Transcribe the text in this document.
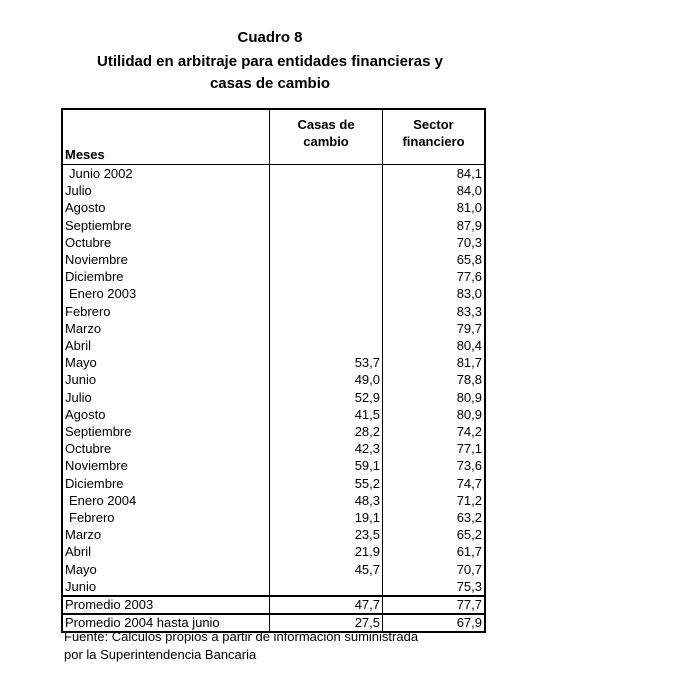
Cuadro 8
Utilidad en arbitraje para entidades financieras y
casas de cambio
Meses	Casas de cambio	Sector financiero

Junio 2002		84,1
Julio		84,0
Agosto		81,0
Septiembre		87,9
Octubre		70,3
Noviembre		65,8
Diciembre		77,6
Enero 2003		83,0
Febrero		83,3
Marzo		79,7
Abril		80,4
Mayo	53,7	81,7
Junio	49,0	78,8
Julio	52,9	80,9
Agosto	41,5	80,9
Septiembre	28,2	74,2
Octubre	42,3	77,1
Noviembre	59,1	73,6
Diciembre	55,2	74,7
Enero 2004	48,3	71,2
Febrero	19,1	63,2
Marzo	23,5	65,2
Abril	21,9	61,7
Mayo	45,7	70,7
Junio		75,3
Promedio 2003	47,7	77,7
Promedio 2004 hasta junio	27,5	67,9
Fuente: Cálculos propios a partir de información suministrada
por la Superintendencia Bancaria
